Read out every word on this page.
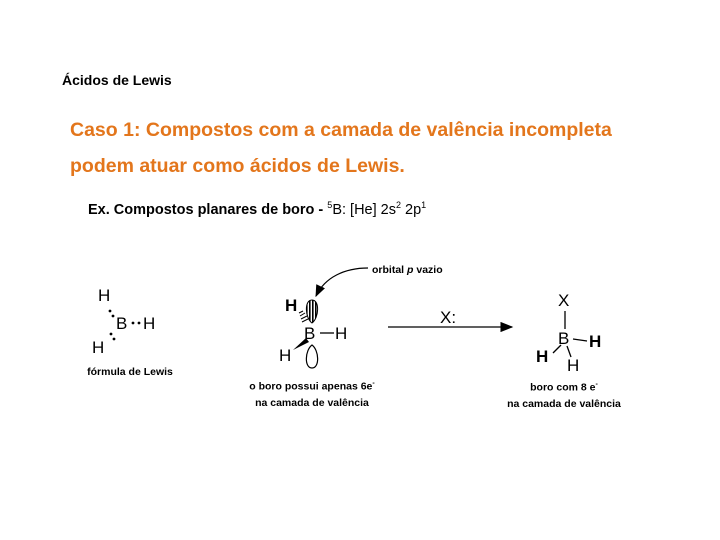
Ácidos de Lewis
Caso 1: Compostos com a camada de valência incompleta
podem atuar como ácidos de Lewis.
Ex. Compostos planares de boro - $^5$B: [He] $2s^2$ $2p^1$
H
B H
H
fórmula de Lewis
orbital p vazio
H
B H
H
o boro possui apenas 6e-
na camada de valência
X:
X
B H
H H
boro com 8 e-
na camada de valência
